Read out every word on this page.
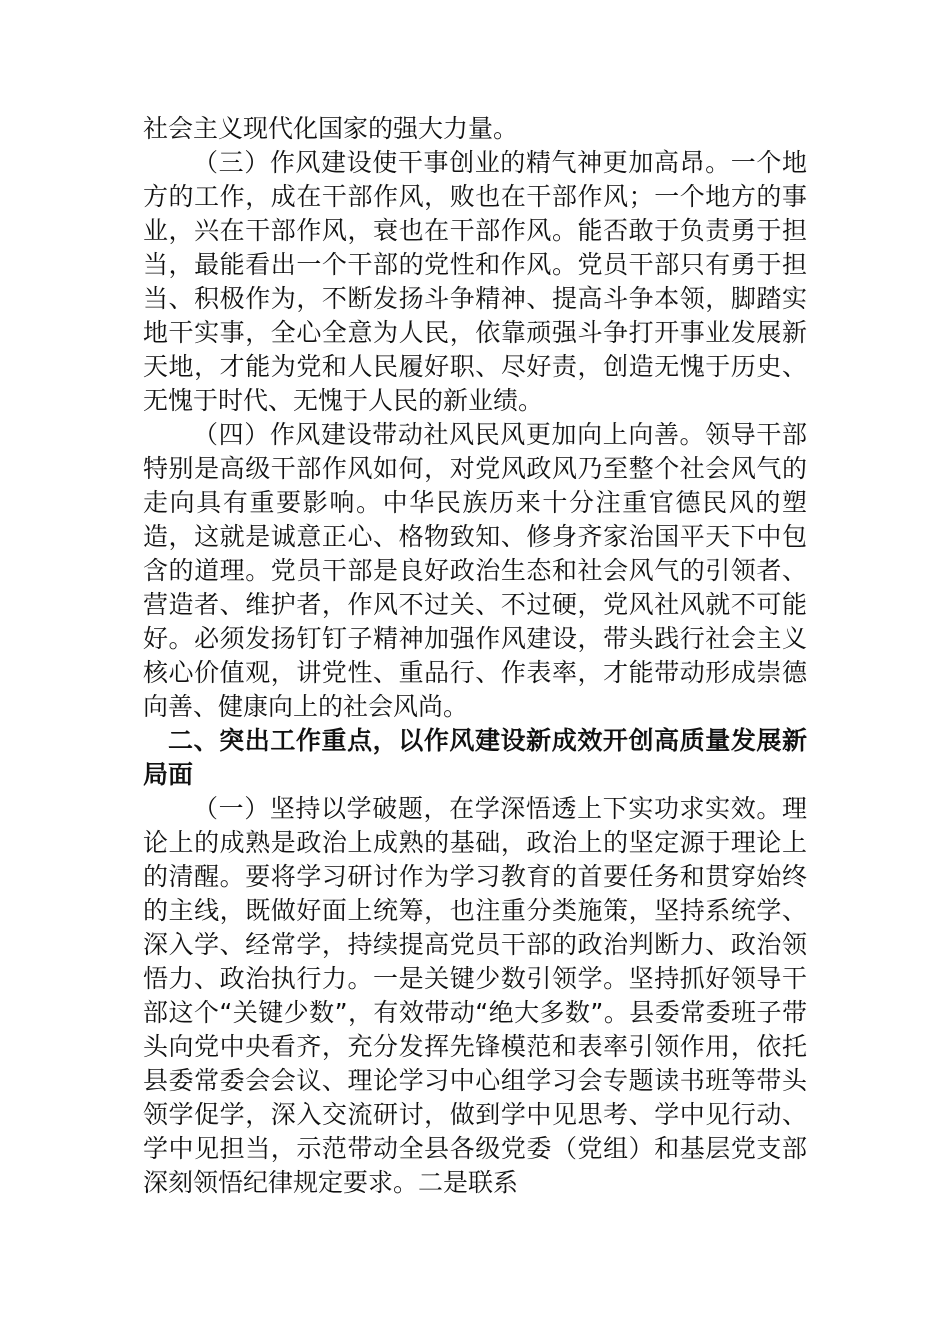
社会主义现代化国家的强大力量。

（三）作风建设使干事创业的精气神更加高昂。一个地方的工作，成在干部作风，败也在干部作风；一个地方的事业，兴在干部作风，衰也在干部作风。能否敢于负责勇于担当，最能看出一个干部的党性和作风。党员干部只有勇于担当、积极作为，不断发扬斗争精神、提高斗争本领，脚踏实地干实事，全心全意为人民，依靠顽强斗争打开事业发展新天地，才能为党和人民履好职、尽好责，创造无愧于历史、无愧于时代、无愧于人民的新业绩。

（四）作风建设带动社风民风更加向上向善。领导干部特别是高级干部作风如何，对党风政风乃至整个社会风气的走向具有重要影响。中华民族历来十分注重官德民风的塑造，这就是诚意正心、格物致知、修身齐家治国平天下中包含的道理。党员干部是良好政治生态和社会风气的引领者、营造者、维护者，作风不过关、不过硬，党风社风就不可能好。必须发扬钉钉子精神加强作风建设，带头践行社会主义核心价值观，讲党性、重品行、作表率，才能带动形成崇德向善、健康向上的社会风尚。

二、突出工作重点，以作风建设新成效开创高质量发展新局面

（一）坚持以学破题，在学深悟透上下实功求实效。理论上的成熟是政治上成熟的基础，政治上的坚定源于理论上的清醒。要将学习研讨作为学习教育的首要任务和贯穿始终的主线，既做好面上统筹，也注重分类施策，坚持系统学、深入学、经常学，持续提高党员干部的政治判断力、政治领悟力、政治执行力。一是关键少数引领学。坚持抓好领导干部这个“关键少数”，有效带动“绝大多数”。县委常委班子带头向党中央看齐，充分发挥先锋模范和表率引领作用，依托县委常委会会议、理论学习中心组学习会专题读书班等带头领学促学，深入交流研讨，做到学中见思考、学中见行动、学中见担当，示范带动全县各级党委（党组）和基层党支部深刻领悟纪律规定要求。二是联系
